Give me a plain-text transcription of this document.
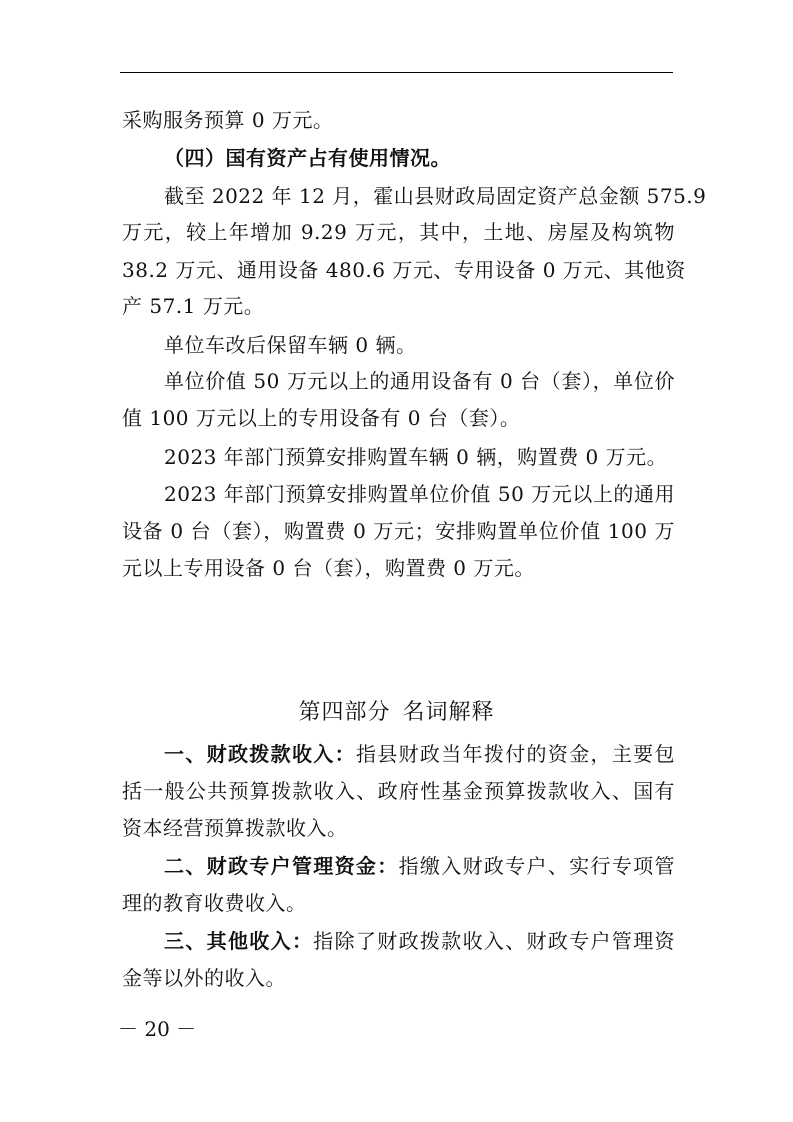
采购服务预算 0 万元。
（四）国有资产占有使用情况。
截至 2022 年 12 月，霍山县财政局固定资产总金额 575.9
万元，较上年增加 9.29 万元，其中，土地、房屋及构筑物
38.2 万元、通用设备 480.6 万元、专用设备 0 万元、其他资
产 57.1 万元。
单位车改后保留车辆 0 辆。
单位价值 50 万元以上的通用设备有 0 台（套），单位价
值 100 万元以上的专用设备有 0 台（套）。
2023 年部门预算安排购置车辆 0 辆，购置费 0 万元。
2023 年部门预算安排购置单位价值 50 万元以上的通用
设备 0 台（套），购置费 0 万元；安排购置单位价值 100 万
元以上专用设备 0 台（套），购置费 0 万元。
第四部分 名词解释
一、财政拨款收入：指县财政当年拨付的资金，主要包
括一般公共预算拨款收入、政府性基金预算拨款收入、国有
资本经营预算拨款收入。
二、财政专户管理资金：指缴入财政专户、实行专项管
理的教育收费收入。
三、其他收入：指除了财政拨款收入、财政专户管理资
金等以外的收入。
－ 20 －
